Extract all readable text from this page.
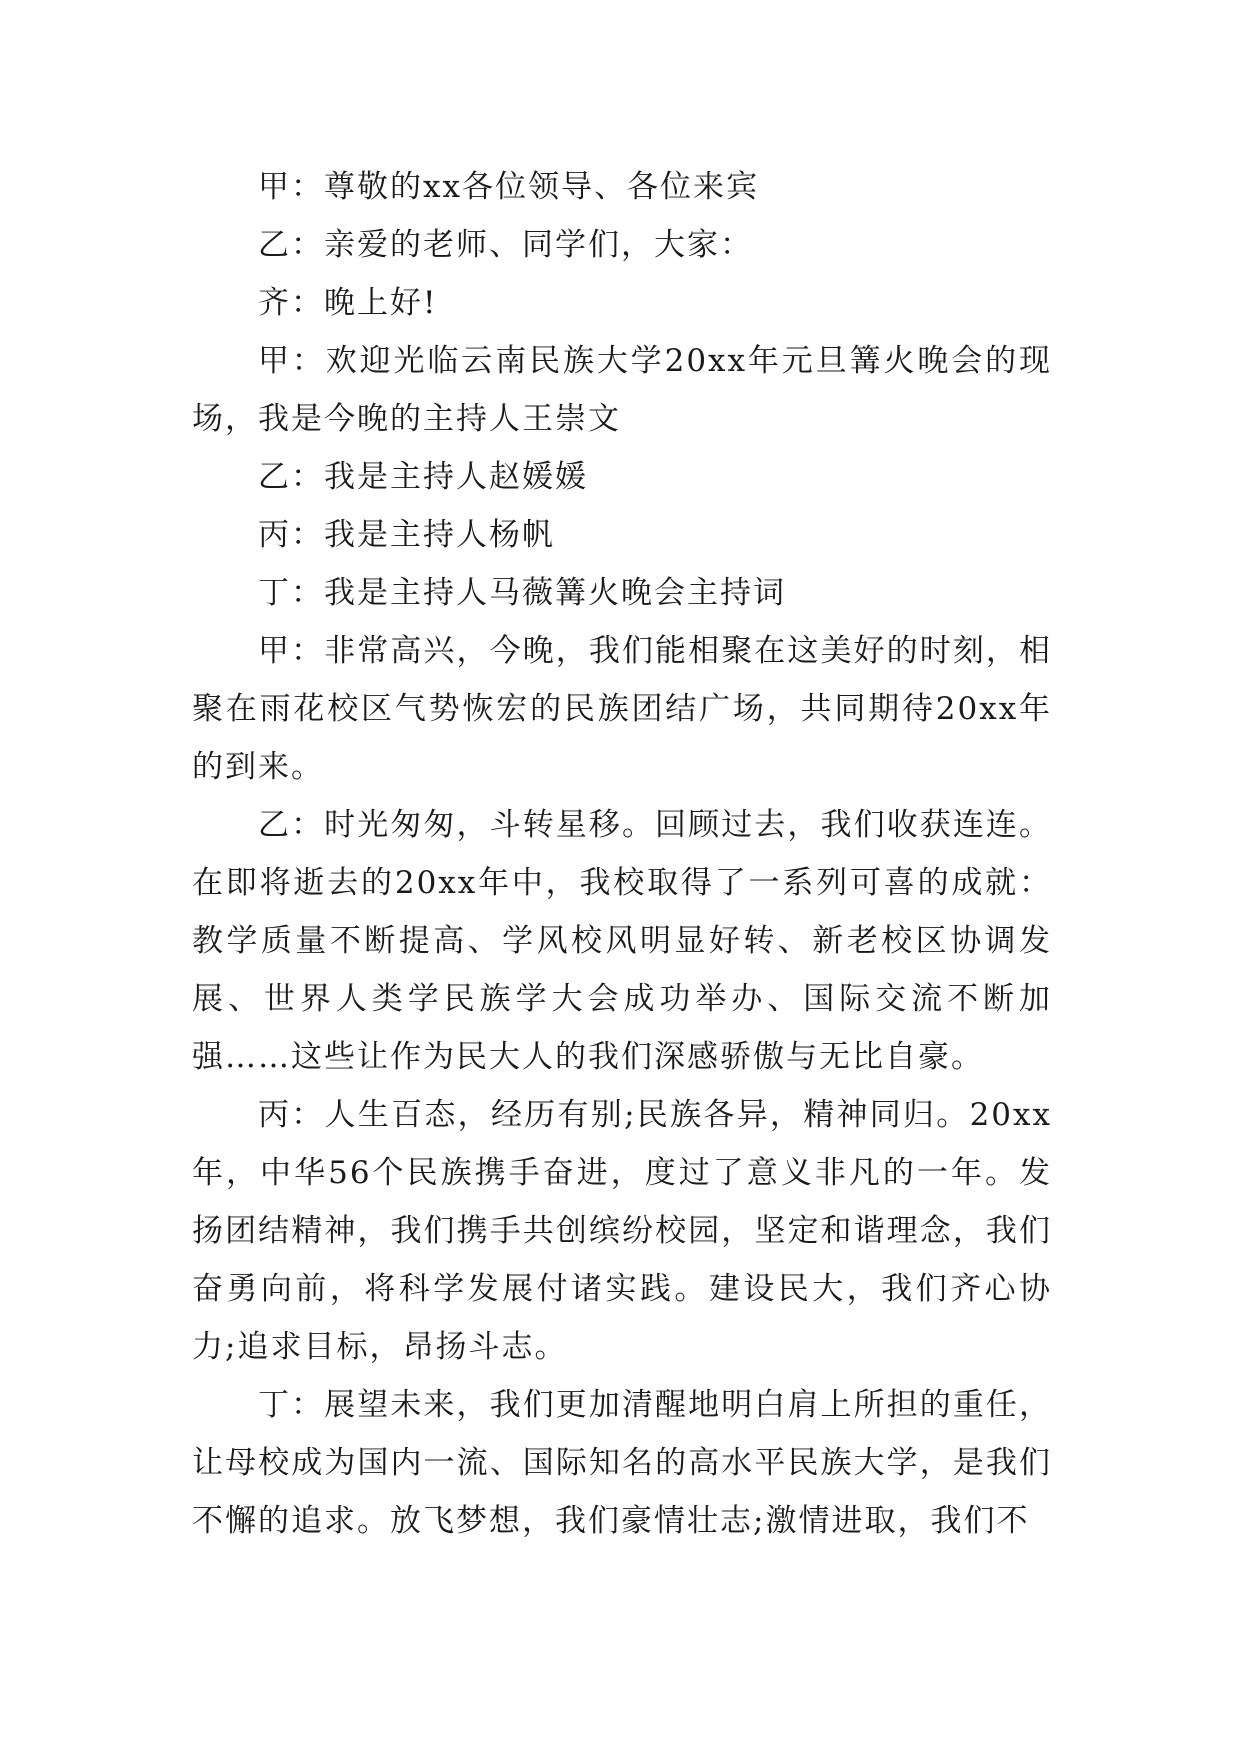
甲：尊敬的xx各位领导、各位来宾

乙：亲爱的老师、同学们，大家：

齐：晚上好!

甲：欢迎光临云南民族大学20xx年元旦篝火晚会的现场，我是今晚的主持人王崇文

乙：我是主持人赵媛媛

丙：我是主持人杨帆

丁：我是主持人马薇篝火晚会主持词

甲：非常高兴，今晚，我们能相聚在这美好的时刻，相聚在雨花校区气势恢宏的民族团结广场，共同期待20xx年的到来。

乙：时光匆匆，斗转星移。回顾过去，我们收获连连。在即将逝去的20xx年中，我校取得了一系列可喜的成就：教学质量不断提高、学风校风明显好转、新老校区协调发展、世界人类学民族学大会成功举办、国际交流不断加强……这些让作为民大人的我们深感骄傲与无比自豪。

丙：人生百态，经历有别;民族各异，精神同归。20xx年，中华56个民族携手奋进，度过了意义非凡的一年。发扬团结精神，我们携手共创缤纷校园，坚定和谐理念，我们奋勇向前，将科学发展付诸实践。建设民大，我们齐心协力;追求目标，昂扬斗志。

丁：展望未来，我们更加清醒地明白肩上所担的重任，让母校成为国内一流、国际知名的高水平民族大学，是我们不懈的追求。放飞梦想，我们豪情壮志;激情进取，我们不
